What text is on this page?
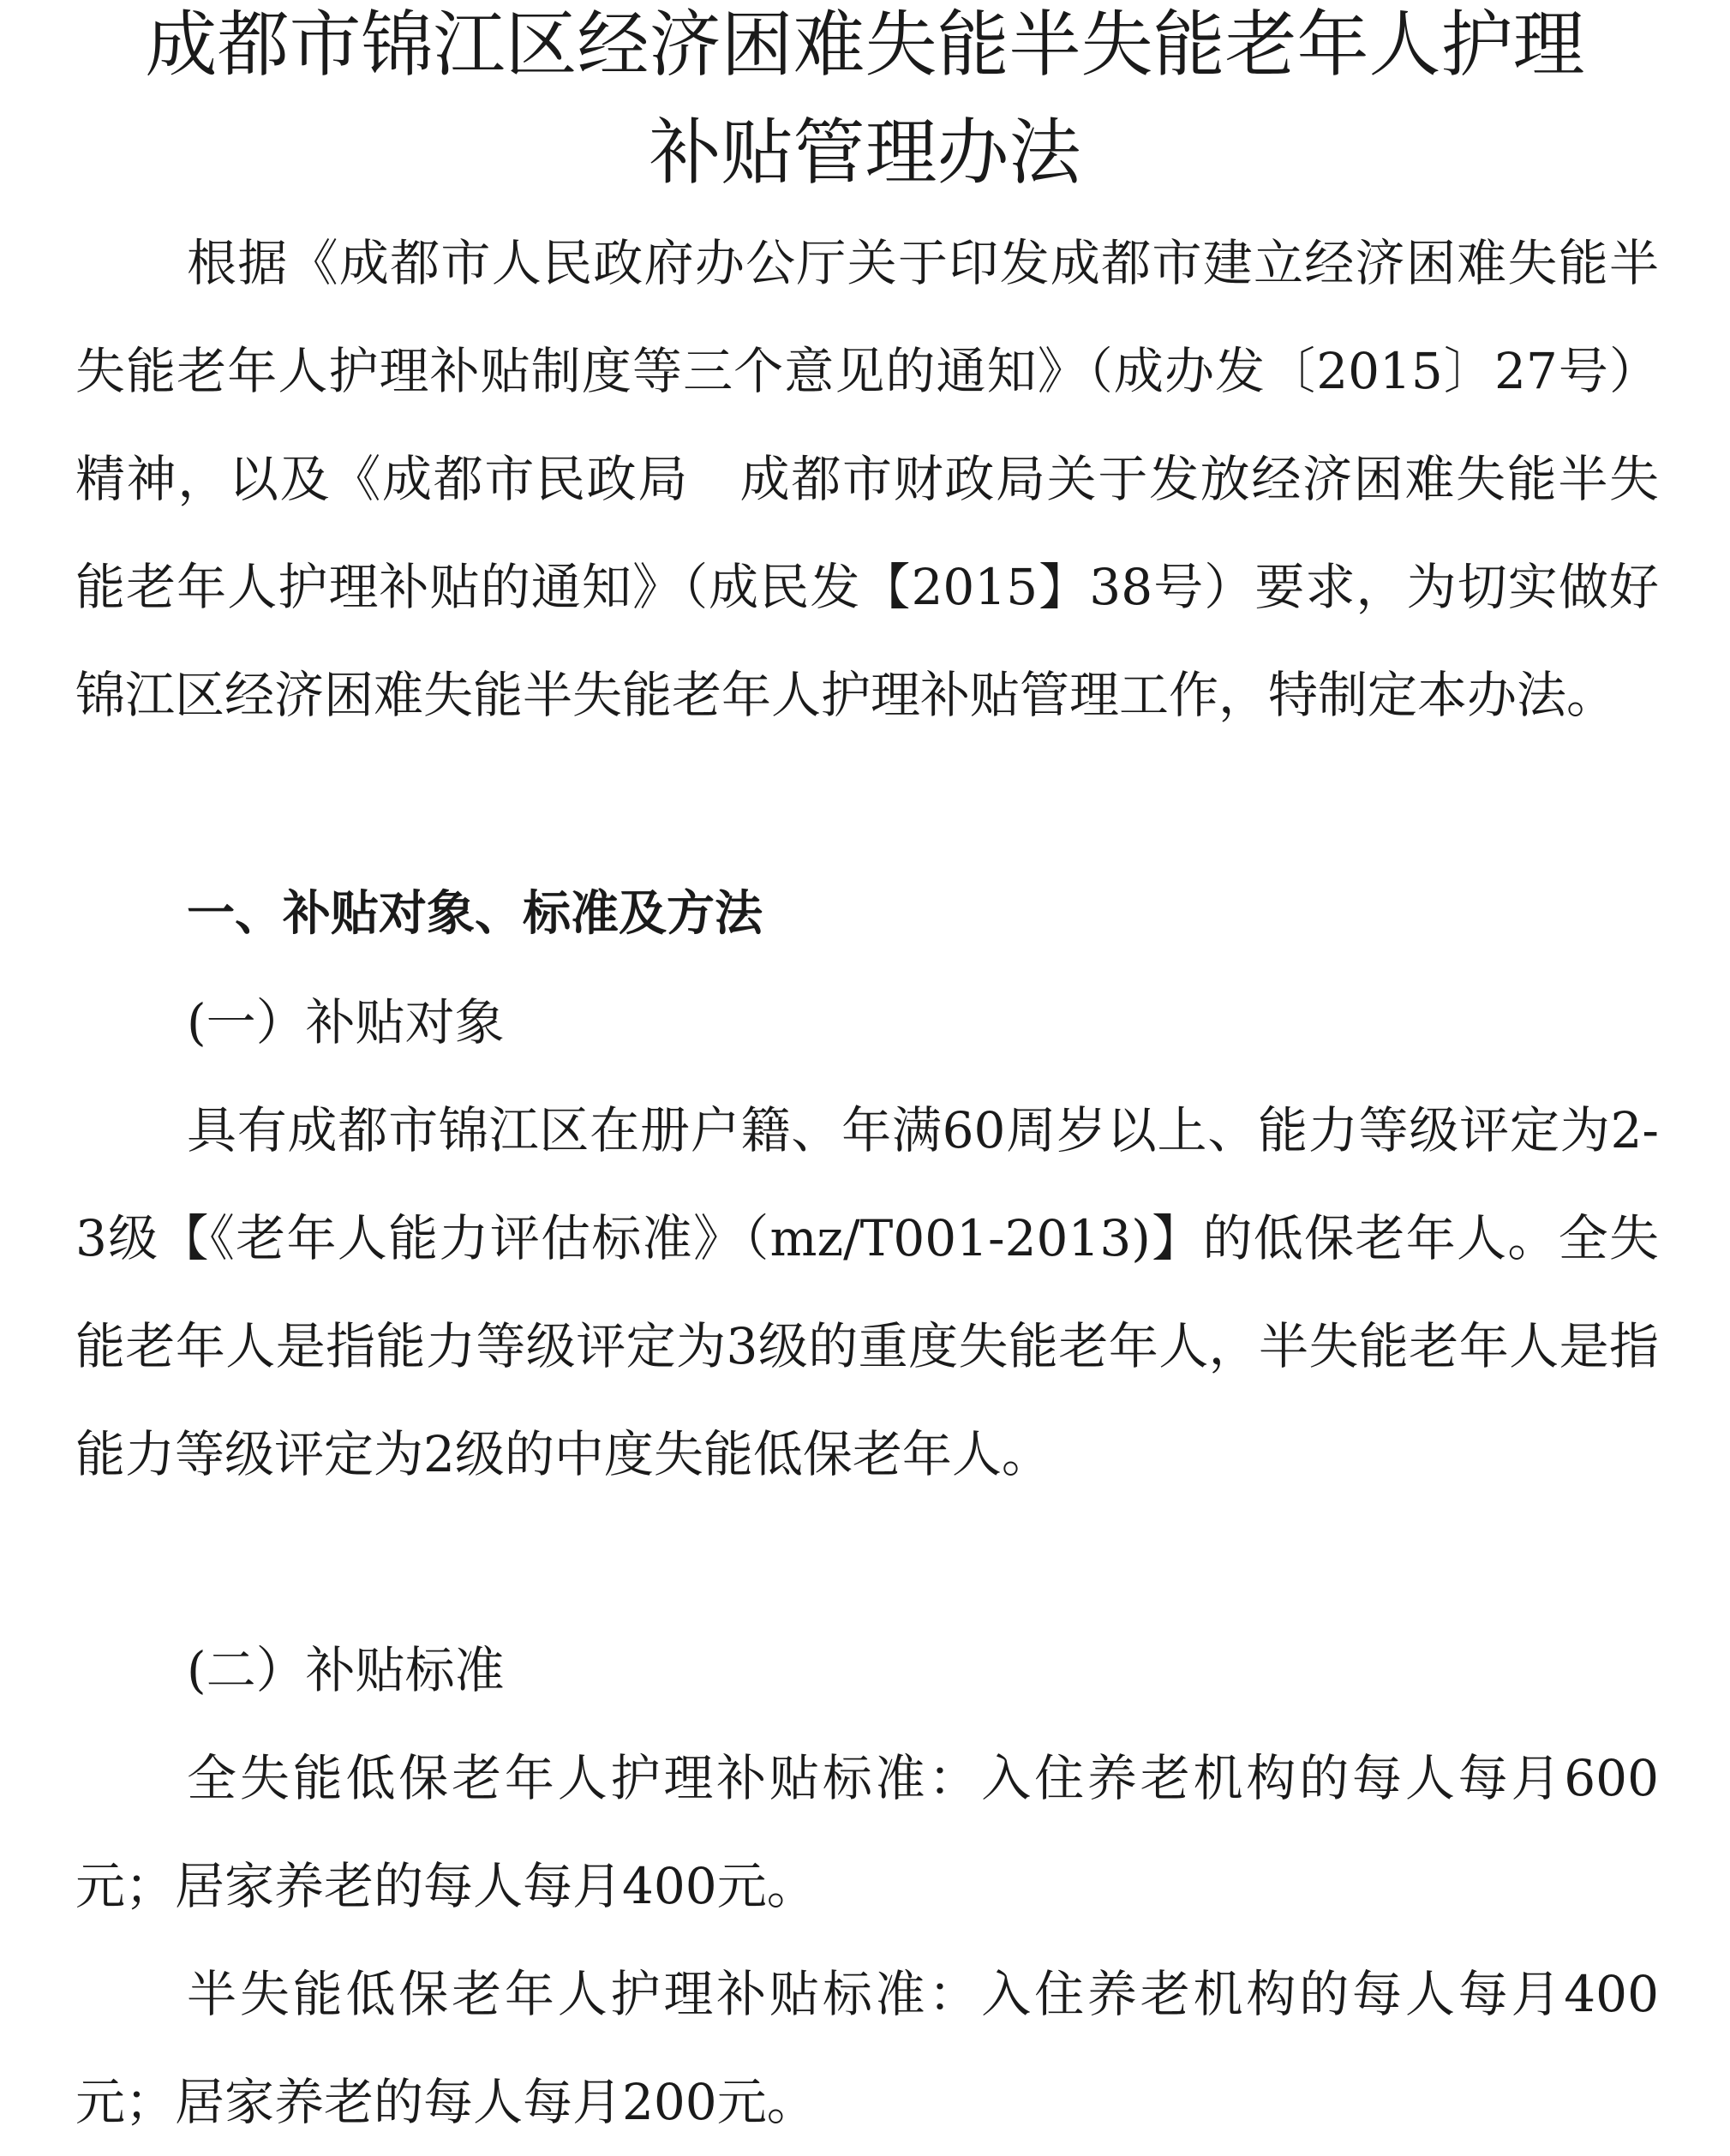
成都市锦江区经济困难失能半失能老年人护理
补贴管理办法

根据《成都市人民政府办公厅关于印发成都市建立经济困难失能半失能老年人护理补贴制度等三个意见的通知》（成办发〔2015〕27号）精神，以及《成都市民政局　成都市财政局关于发放经济困难失能半失能老年人护理补贴的通知》（成民发【2015】38号）要求，为切实做好锦江区经济困难失能半失能老年人护理补贴管理工作，特制定本办法。

一、补贴对象、标准及方法
(一）补贴对象

具有成都市锦江区在册户籍、年满60周岁以上、能力等级评定为2-3级【《老年人能力评估标准》（mz/T001-2013)】的低保老年人。全失能老年人是指能力等级评定为3级的重度失能老年人，半失能老年人是指能力等级评定为2级的中度失能低保老年人。

(二）补贴标准

全失能低保老年人护理补贴标准：入住养老机构的每人每月600元；居家养老的每人每月400元。

半失能低保老年人护理补贴标准：入住养老机构的每人每月400元；居家养老的每人每月200元。
